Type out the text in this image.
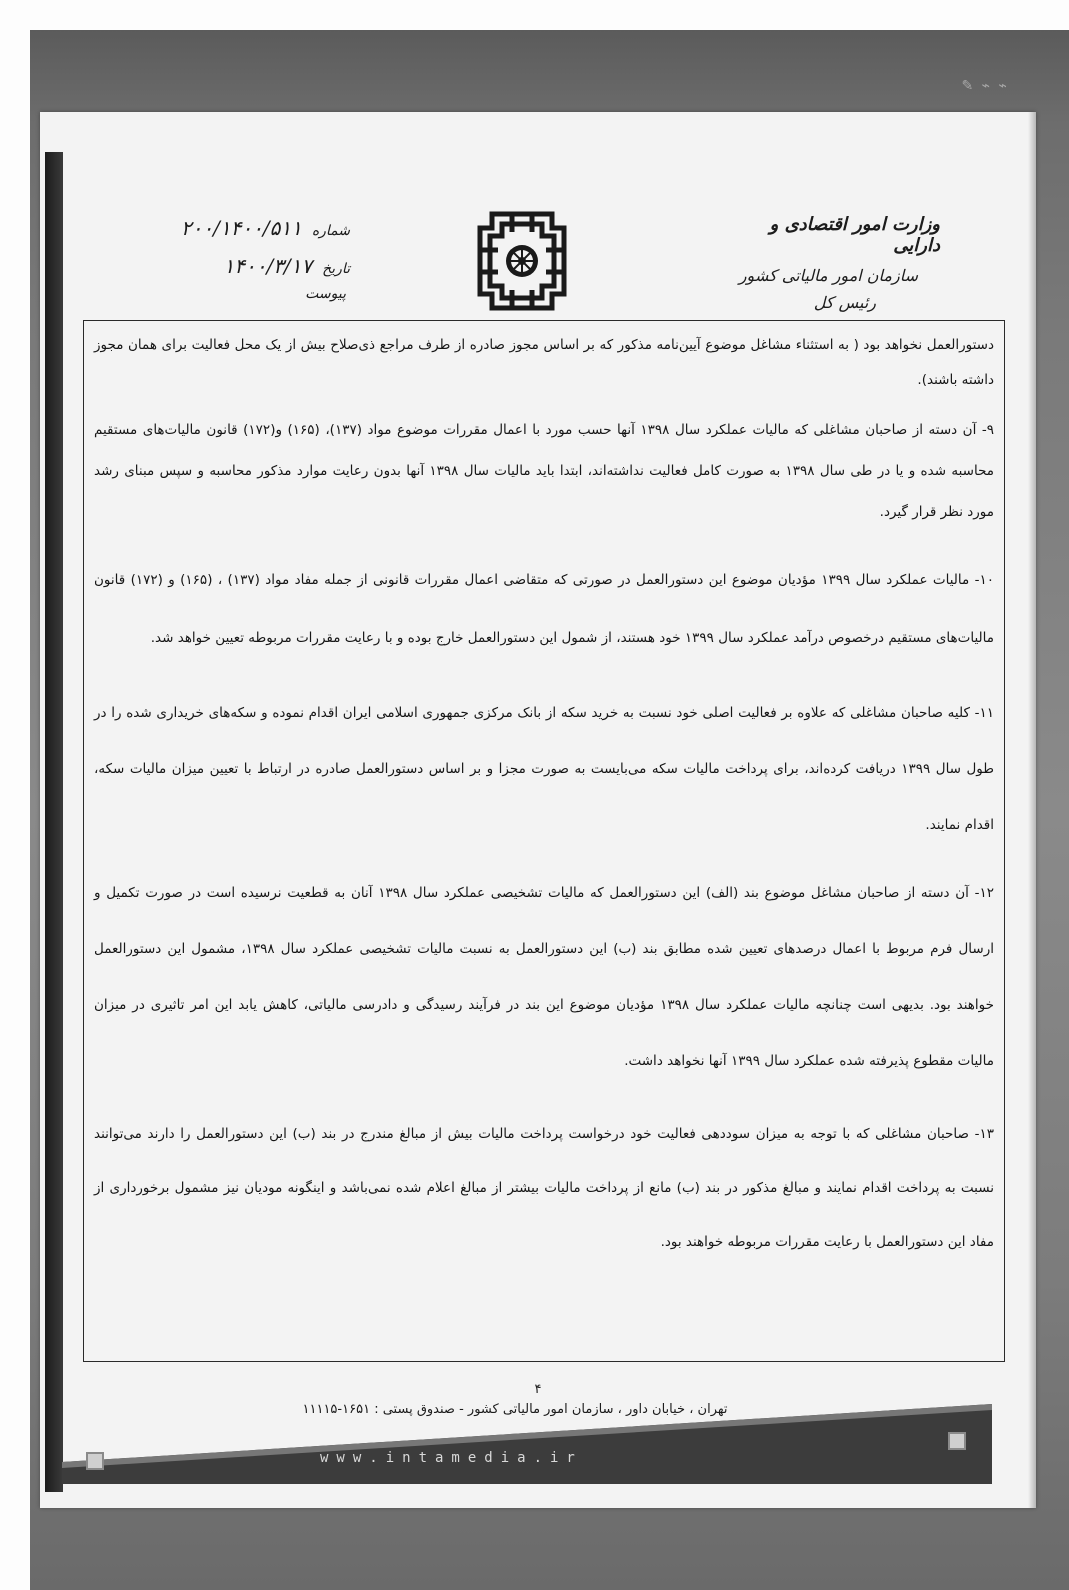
✎ ⌁ ⌁
وزارت امور اقتصادی و دارایی
سازمان امور مالیاتی کشور
رئیس کل
شماره
۲۰۰/۱۴۰۰/۵۱۱
تاریخ
۱۴۰۰/۳/۱۷
پیوست

دستورالعمل نخواهد بود ( به استثناء مشاغل موضوع آیین‌نامه مذکور که بر اساس مجوز صادره از طرف مراجع ذی‌صلاح بیش از یک محل فعالیت برای همان مجوز داشته باشند).

۹- آن دسته از صاحبان مشاغلی که مالیات عملکرد سال ۱۳۹۸ آنها حسب مورد با اعمال مقررات موضوع مواد (۱۳۷)، (۱۶۵) و(۱۷۲) قانون مالیات‌های مستقیم محاسبه شده و یا در طی سال ۱۳۹۸ به صورت کامل فعالیت نداشته‌اند، ابتدا باید مالیات سال ۱۳۹۸ آنها بدون رعایت موارد مذکور محاسبه و سپس مبنای رشد مورد نظر قرار گیرد.

۱۰- مالیات عملکرد سال ۱۳۹۹ مؤدیان موضوع این دستورالعمل در صورتی که متقاضی اعمال مقررات قانونی از جمله مفاد مواد (۱۳۷) ، (۱۶۵) و (۱۷۲) قانون مالیات‌های مستقیم درخصوص درآمد عملکرد سال ۱۳۹۹ خود هستند، از شمول این دستورالعمل خارج بوده و با رعایت مقررات مربوطه تعیین خواهد شد.

۱۱- کلیه صاحبان مشاغلی که علاوه بر فعالیت اصلی خود نسبت به خرید سکه از بانک مرکزی جمهوری اسلامی ایران اقدام نموده و سکه‌های خریداری شده را در طول سال ۱۳۹۹ دریافت کرده‌اند، برای پرداخت مالیات سکه می‌بایست به صورت مجزا و بر اساس دستورالعمل صادره در ارتباط با تعیین میزان مالیات سکه، اقدام نمایند.

۱۲- آن دسته از صاحبان مشاغل موضوع بند (الف) این دستورالعمل که مالیات تشخیصی عملکرد سال ۱۳۹۸ آنان به قطعیت نرسیده است در صورت تکمیل و ارسال فرم مربوط با اعمال درصدهای تعیین شده مطابق بند (ب) این دستورالعمل به نسبت مالیات تشخیصی عملکرد سال ۱۳۹۸، مشمول این دستورالعمل خواهند بود. بدیهی است چنانچه مالیات عملکرد سال ۱۳۹۸ مؤدیان موضوع این بند در فرآیند رسیدگی و دادرسی مالیاتی، کاهش یابد این امر تاثیری در میزان مالیات مقطوع پذیرفته شده عملکرد سال ۱۳۹۹ آنها نخواهد داشت.

۱۳- صاحبان مشاغلی که با توجه به میزان سوددهی فعالیت خود درخواست پرداخت مالیات بیش از مبالغ مندرج در بند (ب) این دستورالعمل را دارند می‌توانند نسبت به پرداخت اقدام نمایند و مبالغ مذکور در بند (ب) مانع از پرداخت مالیات بیشتر از مبالغ اعلام شده نمی‌باشد و اینگونه مودیان نیز مشمول برخورداری از مفاد این دستورالعمل با رعایت مقررات مربوطه خواهند بود.

۴
تهران ، خیابان داور ، سازمان امور مالیاتی کشور - صندوق پستی : ۱۶۵۱-۱۱۱۱۵
www.intamedia.ir
